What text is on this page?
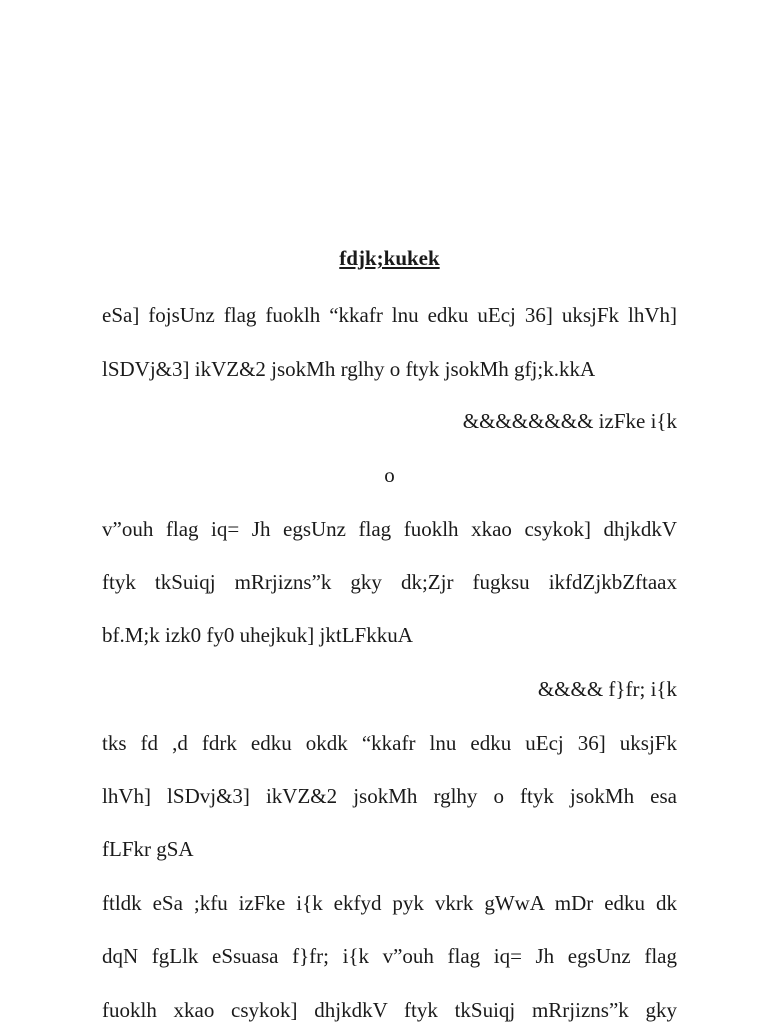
fdjk;kukek
eSa] fojsUnz flag fuoklh “kkafr lnu edku uEcj 36] uksjFk lhVh]
lSDVj&3] ikVZ&2 jsokMh rglhy o ftyk jsokMh gfj;k.kkA
&&&&&&&& izFke i{k
o
v”ouh flag iq= Jh egsUnz flag fuoklh xkao csykok] dhjkdkV
ftyk tkSuiqj mRrjizns”k gky dk;Zjr fugksu ikfdZjkbZftaax
bf.M;k izk0 fy0 uhejkuk] jktLFkkuA
&&&& f}fr; i{k
tks fd ,d fdrk edku okdk “kkafr lnu edku uEcj 36] uksjFk
lhVh] lSDvj&3] ikVZ&2 jsokMh rglhy o ftyk jsokMh esa
fLFkr gSA
ftldk eSa ;kfu izFke i{k ekfyd pyk vkrk gWwA mDr edku dk
dqN fgLlk eSsuasa f}fr; i{k v”ouh flag iq= Jh egsUnz flag
fuoklh xkao csykok] dhjkdkV ftyk tkSuiqj mRrjizns”k gky
